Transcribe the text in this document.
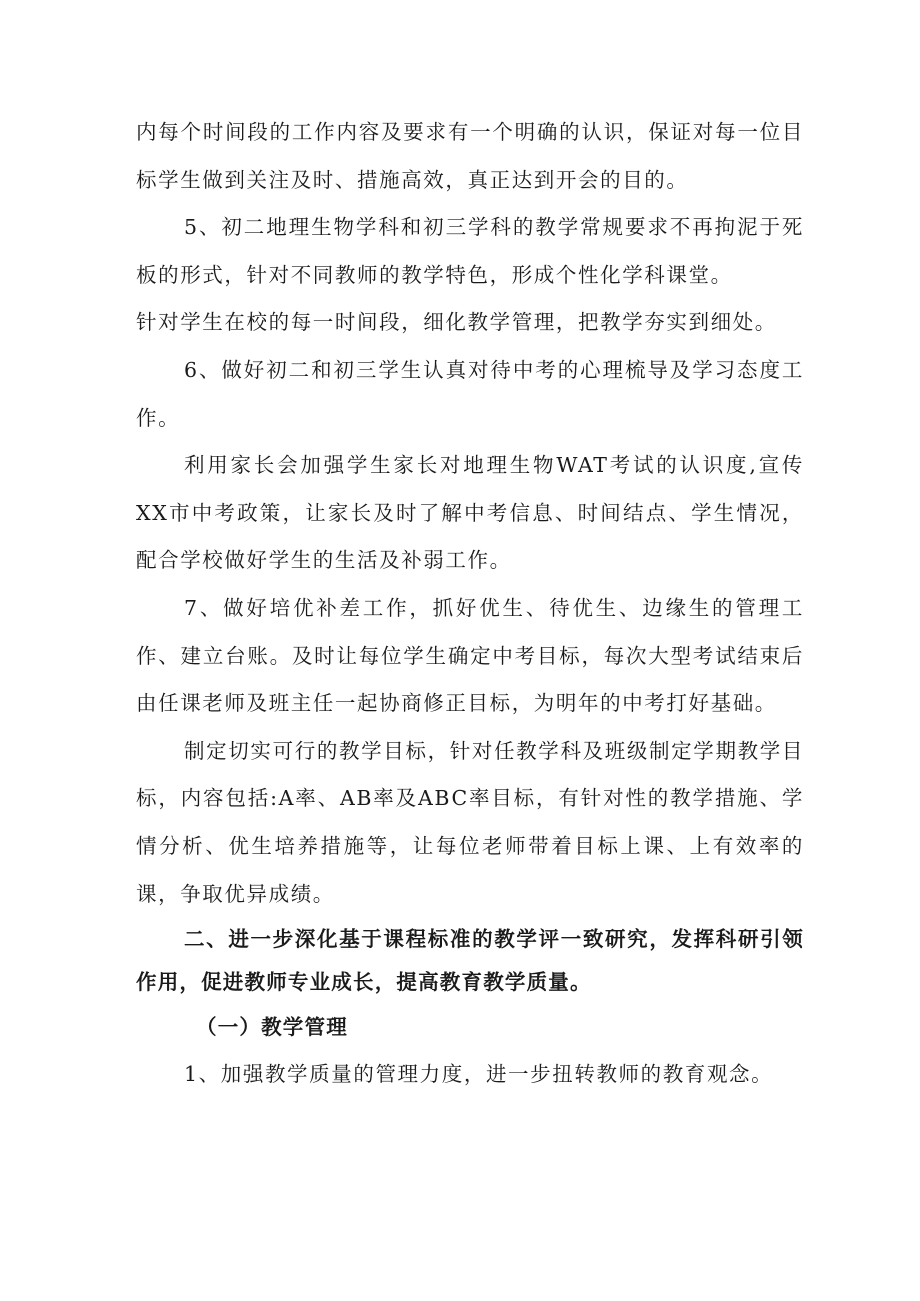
内每个时间段的工作内容及要求有一个明确的认识，保证对每一位目标学生做到关注及时、措施高效，真正达到开会的目的。

5、初二地理生物学科和初三学科的教学常规要求不再拘泥于死板的形式，针对不同教师的教学特色，形成个性化学科课堂。

针对学生在校的每一时间段，细化教学管理，把教学夯实到细处。

6、做好初二和初三学生认真对待中考的心理梳导及学习态度工作。

利用家长会加强学生家长对地理生物WAT考试的认识度,宣传XX市中考政策，让家长及时了解中考信息、时间结点、学生情况，配合学校做好学生的生活及补弱工作。

7、做好培优补差工作，抓好优生、待优生、边缘生的管理工作、建立台账。及时让每位学生确定中考目标，每次大型考试结束后由任课老师及班主任一起协商修正目标，为明年的中考打好基础。

制定切实可行的教学目标，针对任教学科及班级制定学期教学目标，内容包括:A率、AB率及ABC率目标，有针对性的教学措施、学情分析、优生培养措施等，让每位老师带着目标上课、上有效率的课，争取优异成绩。

二、进一步深化基于课程标准的教学评一致研究，发挥科研引领作用，促进教师专业成长，提高教育教学质量。

（一）教学管理

1、加强教学质量的管理力度，进一步扭转教师的教育观念。
